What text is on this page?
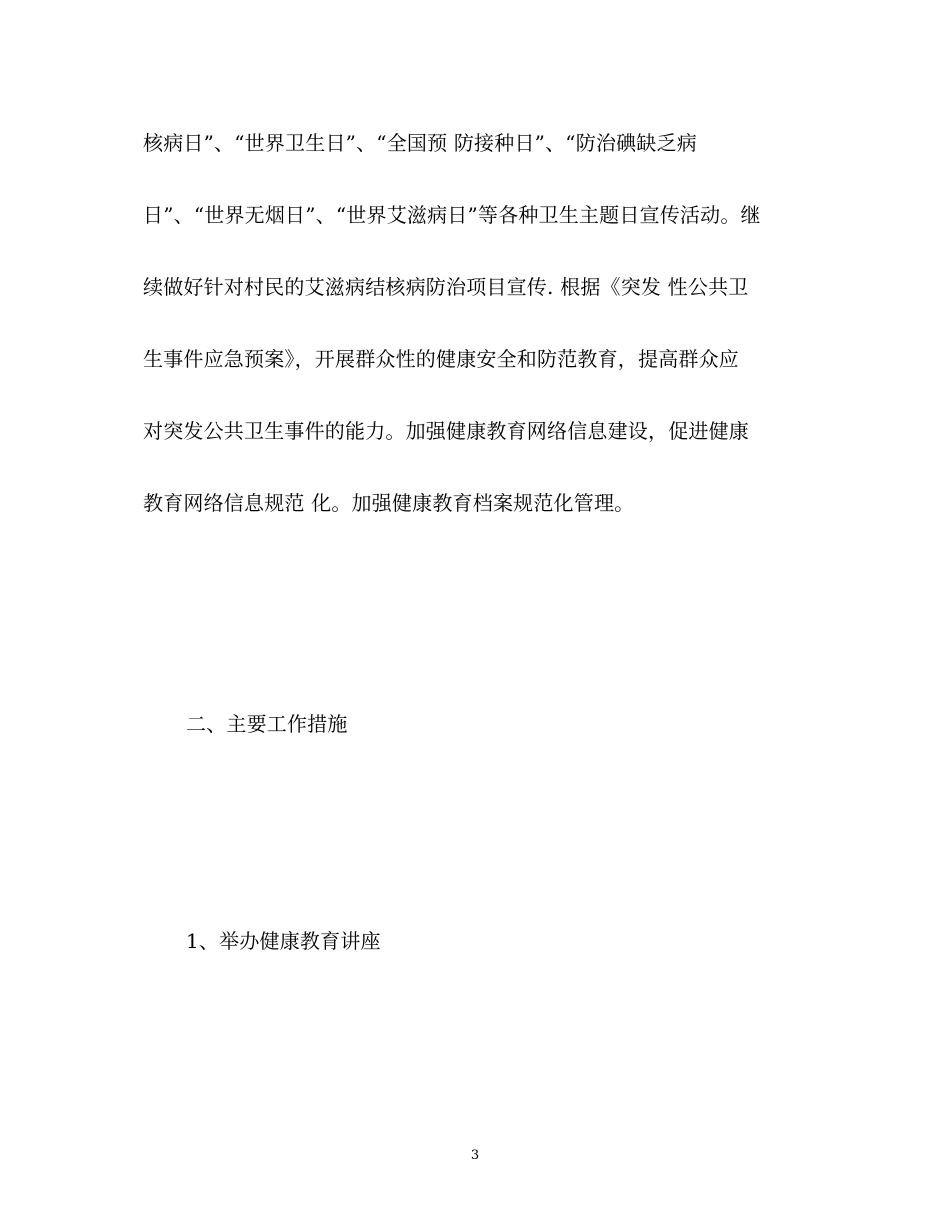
核病日”、“世界卫生日”、“全国预 防接种日”、“防治碘缺乏病
日”、“世界无烟日”、“世界艾滋病日”等各种卫生主题日宣传活动。继
续做好针对村民的艾滋病结核病防治项目宣传. 根据《突发 性公共卫
生事件应急预案》，开展群众性的健康安全和防范教育，提高群众应
对突发公共卫生事件的能力。加强健康教育网络信息建设，促进健康
教育网络信息规范 化。加强健康教育档案规范化管理。
二、主要工作措施
1、举办健康教育讲座
3
